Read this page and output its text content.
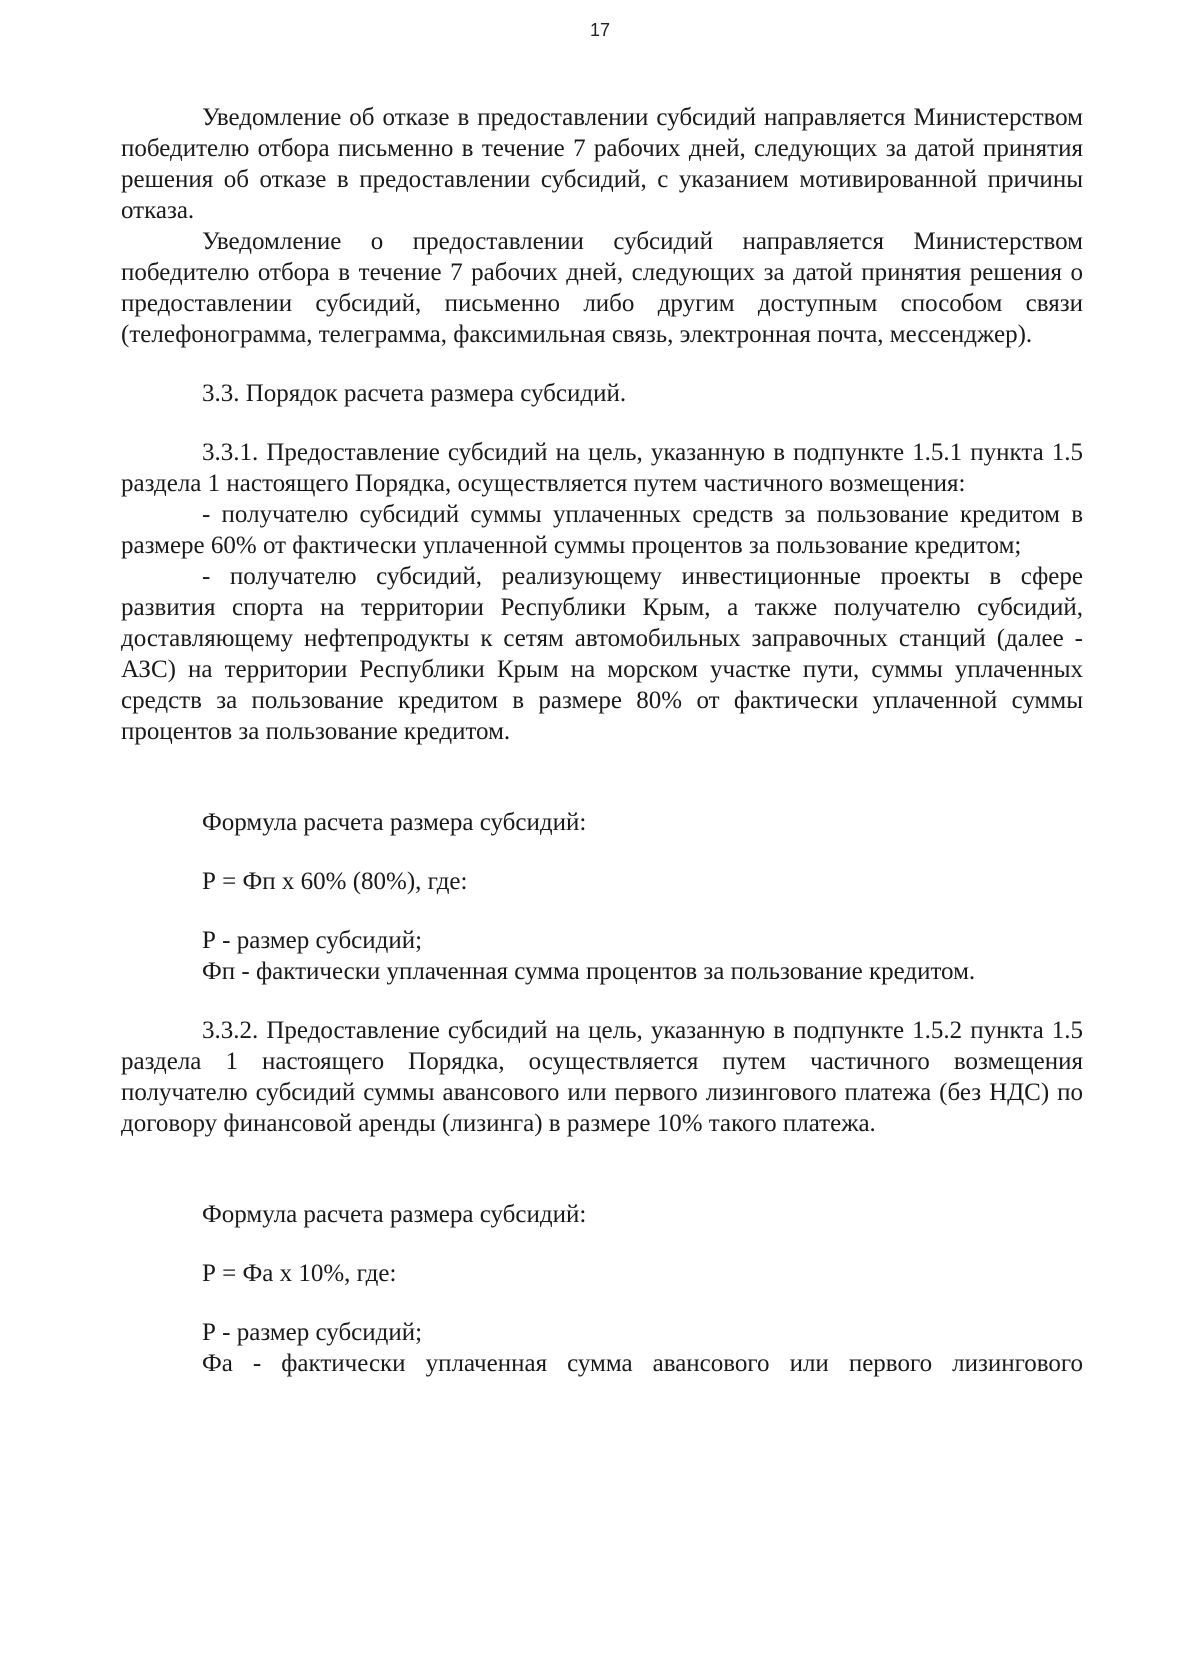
17

Уведомление об отказе в предоставлении субсидий направляется Министерством победителю отбора письменно в течение 7 рабочих дней, следующих за датой принятия решения об отказе в предоставлении субсидий, с указанием мотивированной причины отказа.

Уведомление о предоставлении субсидий направляется Министерством победителю отбора в течение 7 рабочих дней, следующих за датой принятия решения о предоставлении субсидий, письменно либо другим доступным способом связи (телефонограмма, телеграмма, факсимильная связь, электронная почта, мессенджер).

3.3. Порядок расчета размера субсидий.

3.3.1. Предоставление субсидий на цель, указанную в подпункте 1.5.1 пункта 1.5 раздела 1 настоящего Порядка, осуществляется путем частичного возмещения:

- получателю субсидий суммы уплаченных средств за пользование кредитом в размере 60% от фактически уплаченной суммы процентов за пользование кредитом;

- получателю субсидий, реализующему инвестиционные проекты в сфере развития спорта на территории Республики Крым, а также получателю субсидий, доставляющему нефтепродукты к сетям автомобильных заправочных станций (далее - АЗС) на территории Республики Крым на морском участке пути, суммы уплаченных средств за пользование кредитом в размере 80% от фактически уплаченной суммы процентов за пользование кредитом.

Формула расчета размера субсидий:

Р = Фп х 60% (80%), где:

Р - размер субсидий;

Фп - фактически уплаченная сумма процентов за пользование кредитом.

3.3.2. Предоставление субсидий на цель, указанную в подпункте 1.5.2 пункта 1.5 раздела 1 настоящего Порядка, осуществляется путем частичного возмещения получателю субсидий суммы авансового или первого лизингового платежа (без НДС) по договору финансовой аренды (лизинга) в размере 10% такого платежа.

Формула расчета размера субсидий:

Р = Фа х 10%, где:

Р - размер субсидий;

Фа - фактически уплаченная сумма авансового или первого лизингового
